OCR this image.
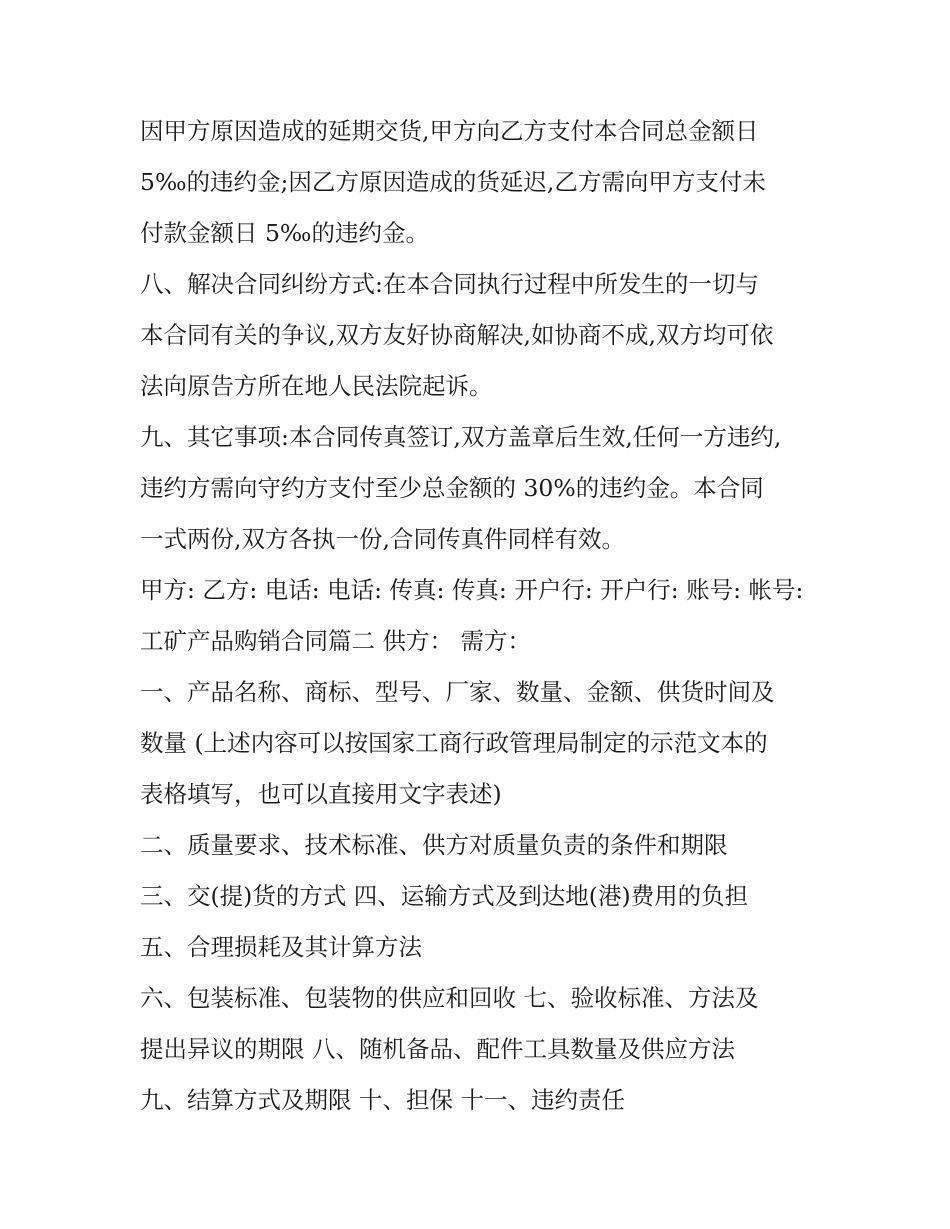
因甲方原因造成的延期交货,甲方向乙方支付本合同总金额日
5‰的违约金;因乙方原因造成的货延迟,乙方需向甲方支付未
付款金额日 5‰的违约金。
八、解决合同纠纷方式:在本合同执行过程中所发生的一切与
本合同有关的争议,双方友好协商解决,如协商不成,双方均可依
法向原告方所在地人民法院起诉。
九、其它事项:本合同传真签订,双方盖章后生效,任何一方违约,
违约方需向守约方支付至少总金额的 30%的违约金。本合同
一式两份,双方各执一份,合同传真件同样有效。
甲方: 乙方: 电话: 电话: 传真: 传真: 开户行: 开户行: 账号: 帐号:
工矿产品购销合同篇二 供方： 需方：
一、产品名称、商标、型号、厂家、数量、金额、供货时间及
数量 (上述内容可以按国家工商行政管理局制定的示范文本的
表格填写，也可以直接用文字表述)
二、质量要求、技术标准、供方对质量负责的条件和期限
三、交(提)货的方式 四、运输方式及到达地(港)费用的负担
五、合理损耗及其计算方法
六、包装标准、包装物的供应和回收 七、验收标准、方法及
提出异议的期限 八、随机备品、配件工具数量及供应方法
九、结算方式及期限 十、担保 十一、违约责任
